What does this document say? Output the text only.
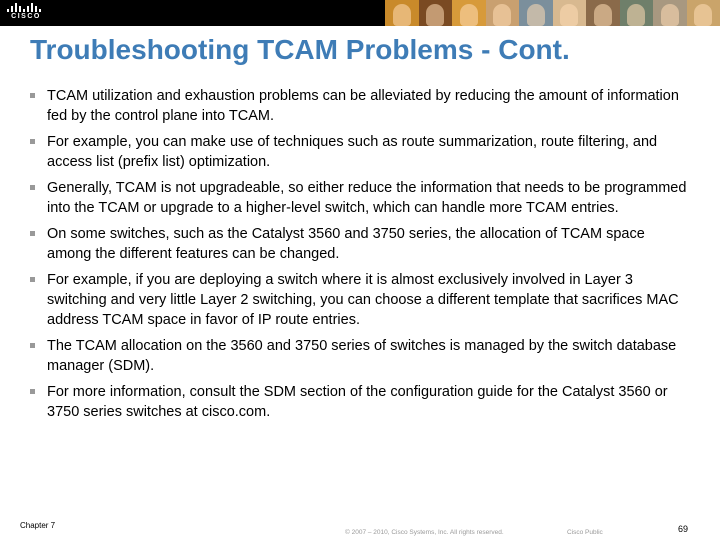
CISCO
Troubleshooting TCAM Problems - Cont.
TCAM utilization and exhaustion problems can be alleviated by reducing the amount of information fed by the control plane into TCAM.
For example, you can make use of techniques such as route summarization, route filtering, and access list (prefix list) optimization.
Generally, TCAM is not upgradeable, so either reduce the information that needs to be programmed into the TCAM or upgrade to a higher-level switch, which can handle more TCAM entries.
On some switches, such as the Catalyst 3560 and 3750 series, the allocation of TCAM space among the different features can be changed.
For example, if you are deploying a switch where it is almost exclusively involved in Layer 3 switching and very little Layer 2 switching, you can choose a different template that sacrifices MAC address TCAM space in favor of IP route entries.
The TCAM allocation on the 3560 and 3750 series of switches is managed by the switch database manager (SDM).
For more information, consult the SDM section of the configuration guide for the Catalyst 3560 or 3750 series switches at cisco.com.
Chapter 7
© 2007 – 2010, Cisco Systems, Inc. All rights reserved.	Cisco Public	69
